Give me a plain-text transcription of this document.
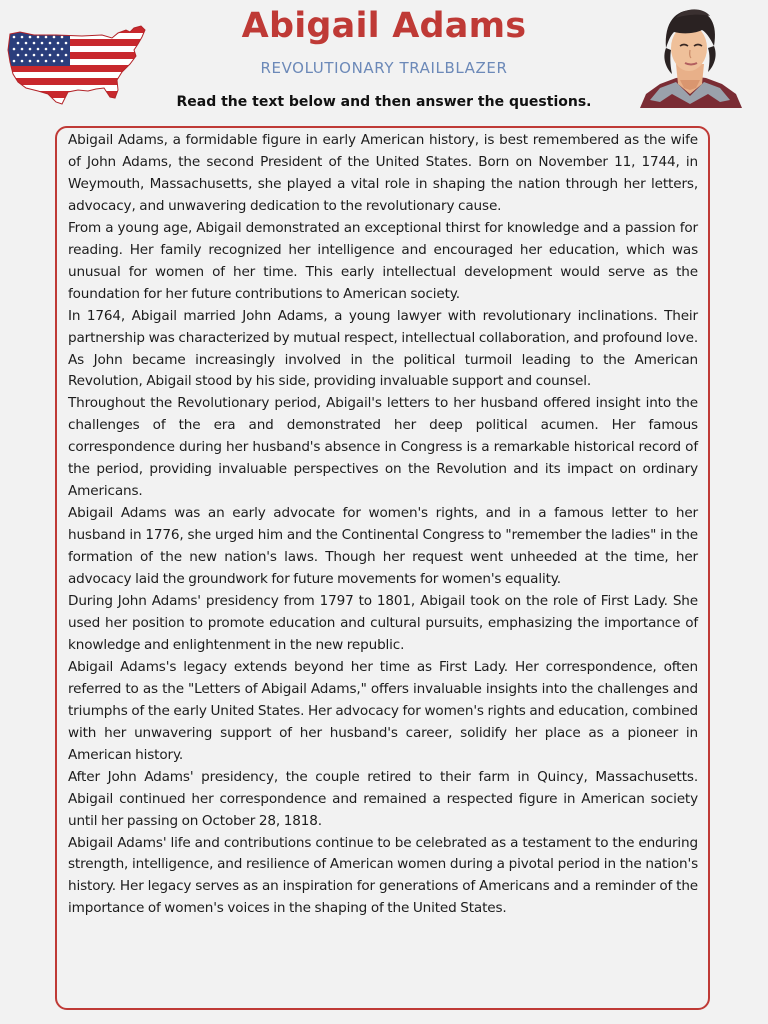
Abigail Adams
REVOLUTIONARY TRAILBLAZER
Read the text below and then answer the questions.

Abigail Adams, a formidable figure in early American history, is best remembered as the wife of John Adams, the second President of the United States. Born on November 11, 1744, in Weymouth, Massachusetts, she played a vital role in shaping the nation through her letters, advocacy, and unwavering dedication to the revolutionary cause.

From a young age, Abigail demonstrated an exceptional thirst for knowledge and a passion for reading. Her family recognized her intelligence and encouraged her education, which was unusual for women of her time. This early intellectual development would serve as the foundation for her future contributions to American society.

In 1764, Abigail married John Adams, a young lawyer with revolutionary inclinations. Their partnership was characterized by mutual respect, intellectual collaboration, and profound love. As John became increasingly involved in the political turmoil leading to the American Revolution, Abigail stood by his side, providing invaluable support and counsel.

Throughout the Revolutionary period, Abigail's letters to her husband offered insight into the challenges of the era and demonstrated her deep political acumen. Her famous correspondence during her husband's absence in Congress is a remarkable historical record of the period, providing invaluable perspectives on the Revolution and its impact on ordinary Americans.

Abigail Adams was an early advocate for women's rights, and in a famous letter to her husband in 1776, she urged him and the Continental Congress to "remember the ladies" in the formation of the new nation's laws. Though her request went unheeded at the time, her advocacy laid the groundwork for future movements for women's equality.

During John Adams' presidency from 1797 to 1801, Abigail took on the role of First Lady. She used her position to promote education and cultural pursuits, emphasizing the importance of knowledge and enlightenment in the new republic.

Abigail Adams's legacy extends beyond her time as First Lady. Her correspondence, often referred to as the "Letters of Abigail Adams," offers invaluable insights into the challenges and triumphs of the early United States. Her advocacy for women's rights and education, combined with her unwavering support of her husband's career, solidify her place as a pioneer in American history.

After John Adams' presidency, the couple retired to their farm in Quincy, Massachusetts. Abigail continued her correspondence and remained a respected figure in American society until her passing on October 28, 1818.

Abigail Adams' life and contributions continue to be celebrated as a testament to the enduring strength, intelligence, and resilience of American women during a pivotal period in the nation's history. Her legacy serves as an inspiration for generations of Americans and a reminder of the importance of women's voices in the shaping of the United States.
